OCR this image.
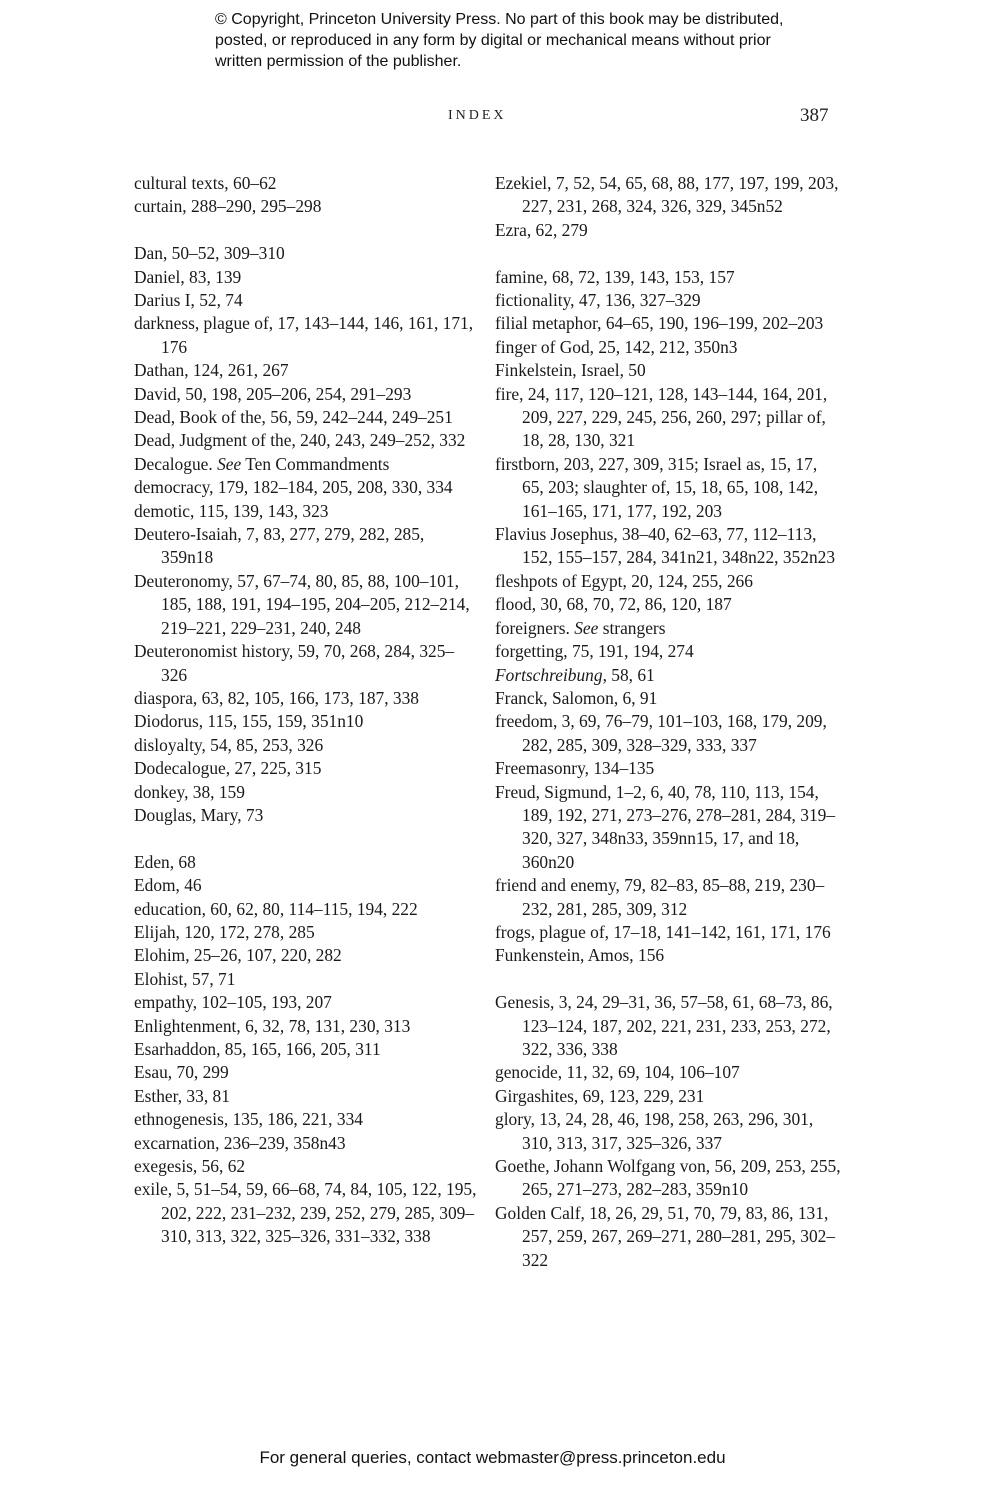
© Copyright, Princeton University Press. No part of this book may be distributed, posted, or reproduced in any form by digital or mechanical means without prior written permission of the publisher.
INDEX	387

cultural texts, 60–62

curtain, 288–290, 295–298

Dan, 50–52, 309–310

Daniel, 83, 139

Darius I, 52, 74

darkness, plague of, 17, 143–144, 146, 161, 171, 176

Dathan, 124, 261, 267

David, 50, 198, 205–206, 254, 291–293

Dead, Book of the, 56, 59, 242–244, 249–251

Dead, Judgment of the, 240, 243, 249–252, 332

Decalogue. See Ten Commandments

democracy, 179, 182–184, 205, 208, 330, 334

demotic, 115, 139, 143, 323

Deutero-Isaiah, 7, 83, 277, 279, 282, 285, 359n18

Deuteronomy, 57, 67–74, 80, 85, 88, 100–101, 185, 188, 191, 194–195, 204–205, 212–214, 219–221, 229–231, 240, 248

Deuteronomist history, 59, 70, 268, 284, 325–326

diaspora, 63, 82, 105, 166, 173, 187, 338

Diodorus, 115, 155, 159, 351n10

disloyalty, 54, 85, 253, 326

Dodecalogue, 27, 225, 315

donkey, 38, 159

Douglas, Mary, 73

Eden, 68

Edom, 46

education, 60, 62, 80, 114–115, 194, 222

Elijah, 120, 172, 278, 285

Elohim, 25–26, 107, 220, 282

Elohist, 57, 71

empathy, 102–105, 193, 207

Enlightenment, 6, 32, 78, 131, 230, 313

Esarhaddon, 85, 165, 166, 205, 311

Esau, 70, 299

Esther, 33, 81

ethnogenesis, 135, 186, 221, 334

excarnation, 236–239, 358n43

exegesis, 56, 62

exile, 5, 51–54, 59, 66–68, 74, 84, 105, 122, 195, 202, 222, 231–232, 239, 252, 279, 285, 309–310, 313, 322, 325–326, 331–332, 338

Ezekiel, 7, 52, 54, 65, 68, 88, 177, 197, 199, 203, 227, 231, 268, 324, 326, 329, 345n52

Ezra, 62, 279

famine, 68, 72, 139, 143, 153, 157

fictionality, 47, 136, 327–329

filial metaphor, 64–65, 190, 196–199, 202–203

finger of God, 25, 142, 212, 350n3

Finkelstein, Israel, 50

fire, 24, 117, 120–121, 128, 143–144, 164, 201, 209, 227, 229, 245, 256, 260, 297; pillar of, 18, 28, 130, 321

firstborn, 203, 227, 309, 315; Israel as, 15, 17, 65, 203; slaughter of, 15, 18, 65, 108, 142, 161–165, 171, 177, 192, 203

Flavius Josephus, 38–40, 62–63, 77, 112–113, 152, 155–157, 284, 341n21, 348n22, 352n23

fleshpots of Egypt, 20, 124, 255, 266

flood, 30, 68, 70, 72, 86, 120, 187

foreigners. See strangers

forgetting, 75, 191, 194, 274

Fortschreibung, 58, 61

Franck, Salomon, 6, 91

freedom, 3, 69, 76–79, 101–103, 168, 179, 209, 282, 285, 309, 328–329, 333, 337

Freemasonry, 134–135

Freud, Sigmund, 1–2, 6, 40, 78, 110, 113, 154, 189, 192, 271, 273–276, 278–281, 284, 319–320, 327, 348n33, 359nn15, 17, and 18, 360n20

friend and enemy, 79, 82–83, 85–88, 219, 230–232, 281, 285, 309, 312

frogs, plague of, 17–18, 141–142, 161, 171, 176

Funkenstein, Amos, 156

Genesis, 3, 24, 29–31, 36, 57–58, 61, 68–73, 86, 123–124, 187, 202, 221, 231, 233, 253, 272, 322, 336, 338

genocide, 11, 32, 69, 104, 106–107

Girgashites, 69, 123, 229, 231

glory, 13, 24, 28, 46, 198, 258, 263, 296, 301, 310, 313, 317, 325–326, 337

Goethe, Johann Wolfgang von, 56, 209, 253, 255, 265, 271–273, 282–283, 359n10

Golden Calf, 18, 26, 29, 51, 70, 79, 83, 86, 131, 257, 259, 267, 269–271, 280–281, 295, 302–322

For general queries, contact webmaster@press.princeton.edu
